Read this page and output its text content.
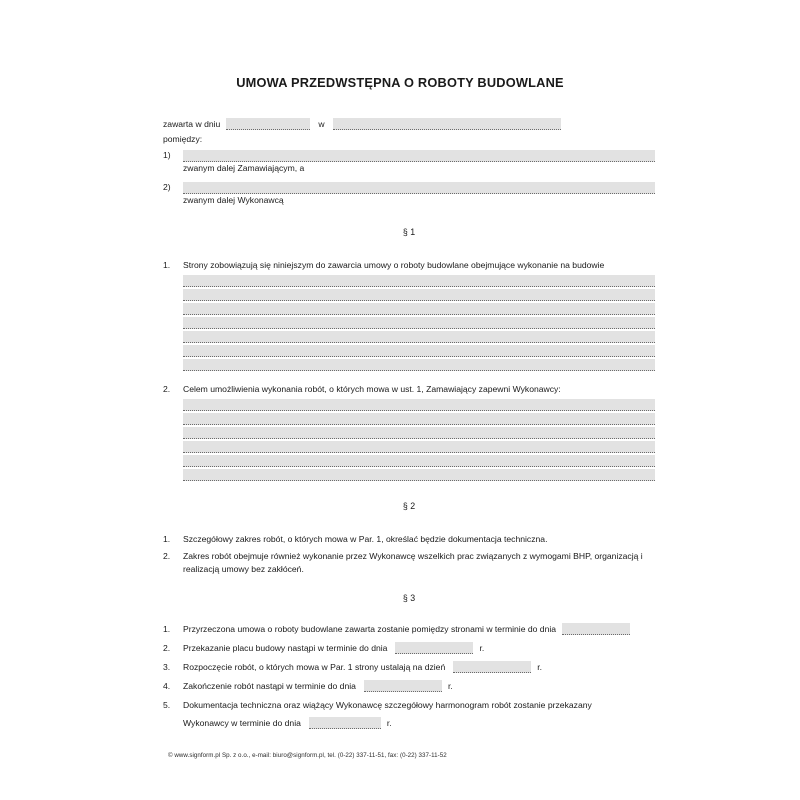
UMOWA PRZEDWSTĘPNA O ROBOTY BUDOWLANE
zawarta w dniu	w
pomiędzy:
1)
zwanym dalej Zamawiającym, a
2)
zwanym dalej Wykonawcą

§ 1

1.	Strony zobowiązują się niniejszym do zawarcia umowy o roboty budowlane obejmujące wykonanie na budowie
2.	Celem umożliwienia wykonania robót, o których mowa w ust. 1, Zamawiający zapewni Wykonawcy:

§ 2

1.	Szczegółowy zakres robót, o których mowa w Par. 1, określać będzie dokumentacja techniczna.
2.	Zakres robót obejmuje również wykonanie przez Wykonawcę wszelkich prac związanych z wymogami BHP, organizacją i realizacją umowy bez zakłóceń.

§ 3

1.	Przyrzeczona umowa o roboty budowlane zawarta zostanie pomiędzy stronami w terminie do dnia
2.	Przekazanie placu budowy nastąpi w terminie do dnia	r.
3.	Rozpoczęcie robót, o których mowa w Par. 1 strony ustalają na dzień	r.
4.	Zakończenie robót nastąpi w terminie do dnia	r.
5.	Dokumentacja techniczna oraz wiążący Wykonawcę szczegółowy harmonogram robót zostanie przekazany
Wykonawcy w terminie do dnia	r.
© www.signform.pl Sp. z o.o., e-mail: biuro@signform.pl, tel. (0-22) 337-11-51, fax: (0-22) 337-11-52
